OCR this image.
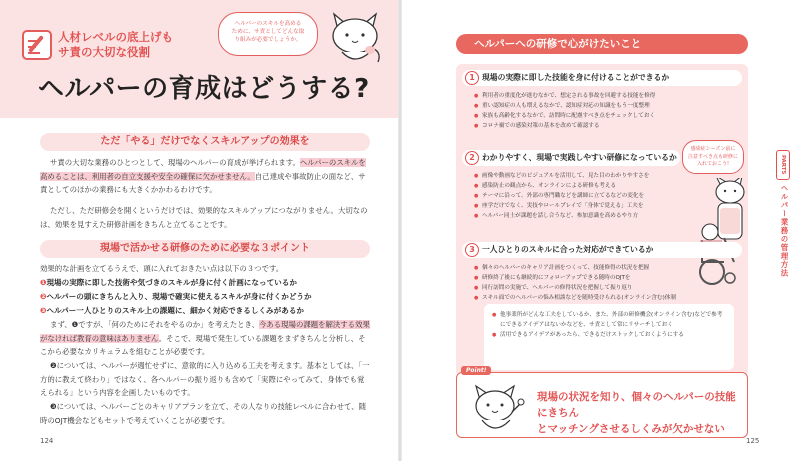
人材レベルの底上げも
サ責の大切な役割
ヘルパーの育成はどうする?
ヘルパーのスキルを高める
ために、サ責としてどんな取
り組みが必要でしょうか。
ただ「やる」だけでなくスキルアップの効果を
サ責の大切な業務のひとつとして、現場のヘルパーの育成が挙げられます。ヘルパーのスキルを高めることは、利用者の自立支援や安全の確保に欠かせません。自己達成や事故防止の面など、サ責としてのほかの業務にも大きくかかわるわけです。
ただし、ただ研修会を開くというだけでは、効果的なスキルアップにつながりません。大切なのは、効果を見すえた研修計画をきちんと立てることです。
現場で活かせる研修のために必要な３ポイント
効果的な計画を立てるうえで、頭に入れておきたい点は以下の３つです。
❶現場の実際に即した技術や気づきのスキルが身に付く計画になっているか
❷ヘルパーの頭にきちんと入り、現場で確実に使えるスキルが身に付くかどうか
❸ヘルパー一人ひとりのスキル上の課題に、細かく対応できるしくみがあるか
まず、❶ですが、「何のためにそれをやるのか」を考えたとき、今ある現場の課題を解決する效果がなければ教育の意味はありません。そこで、現場で発生している課題をまずきちんと分析し、そこから必要なカリキュラムを組むことが必要です。
❷については、ヘルパーが週忙せずに、意欲的に入り込める工夫を考えます。基本としては、「一方的に教えて終わり」ではなく、各ヘルパーの振り返りも含めて「実際にやってみて、身体でも覚えられる」という内容を企画したいものです。
❸については、ヘルパーごとのキャリアプランを立て、その人なりの技能レベルに合わせて、随時のOJT機会などもセットで考えていくことが必要です。
124
ヘルパーへの研修で心がけたいこと
1 現場の実際に即した技能を身に付けることができるか
● 利用者の重度化が進むなかで、想定される事故を回避する技能を修得
● 重い認知症の人も増えるなかで、認知症対応の知識をもう一度整理
● 家族も高齢化するなかで、訪問時に配慮すべき点をチェックしておく
● コロナ禍での感染対策の基本を改めて確認する
2 わかりやすく、現場で実践しやすい研修になっているか
● 画像や動画などのビジュアルを活用して、見た目のわかりやすさを
● 感染防止の観点から、オンラインによる研修も考える
● テーマに沿って、外部の専門職などを講師に立てるなどの変化を
● 座学だけでなく、実技やロールプレイで「身体で覚える」工夫を
● ヘルパー同士が課題を話し合うなど、参加意識を高めるやり方
感染症シーズン前に
注意すべき点も研修に
入れておこう!
3 一人ひとりのスキルに合った対応ができているか
● 個々のヘルパーのキャリア計画をつくって、技能修得の状況を把握
● 研修終了後にも継続的にフォローアップできる随時のOJTを
● 同行訪問の実施で、ヘルパーの修得状況を把握して振り返り
● スキル面でのヘルパーの悩み相談などを随時受けられる(オンライン含む)体制
● 他事業所がどんな工夫をしているか、また、外部の研修機会(オンライン含む)などで参考にできるアイデアはないかなどを、サ責として常にリサーチしておく
● 活用できるアイデアがあったら、できるだけストックしておくようにする
PART5
ヘルパー業務の管理方法
Point!
現場の状況を知り、個々のヘルパーの技能にきちん
とマッチングさせるしくみが欠かせない
125
